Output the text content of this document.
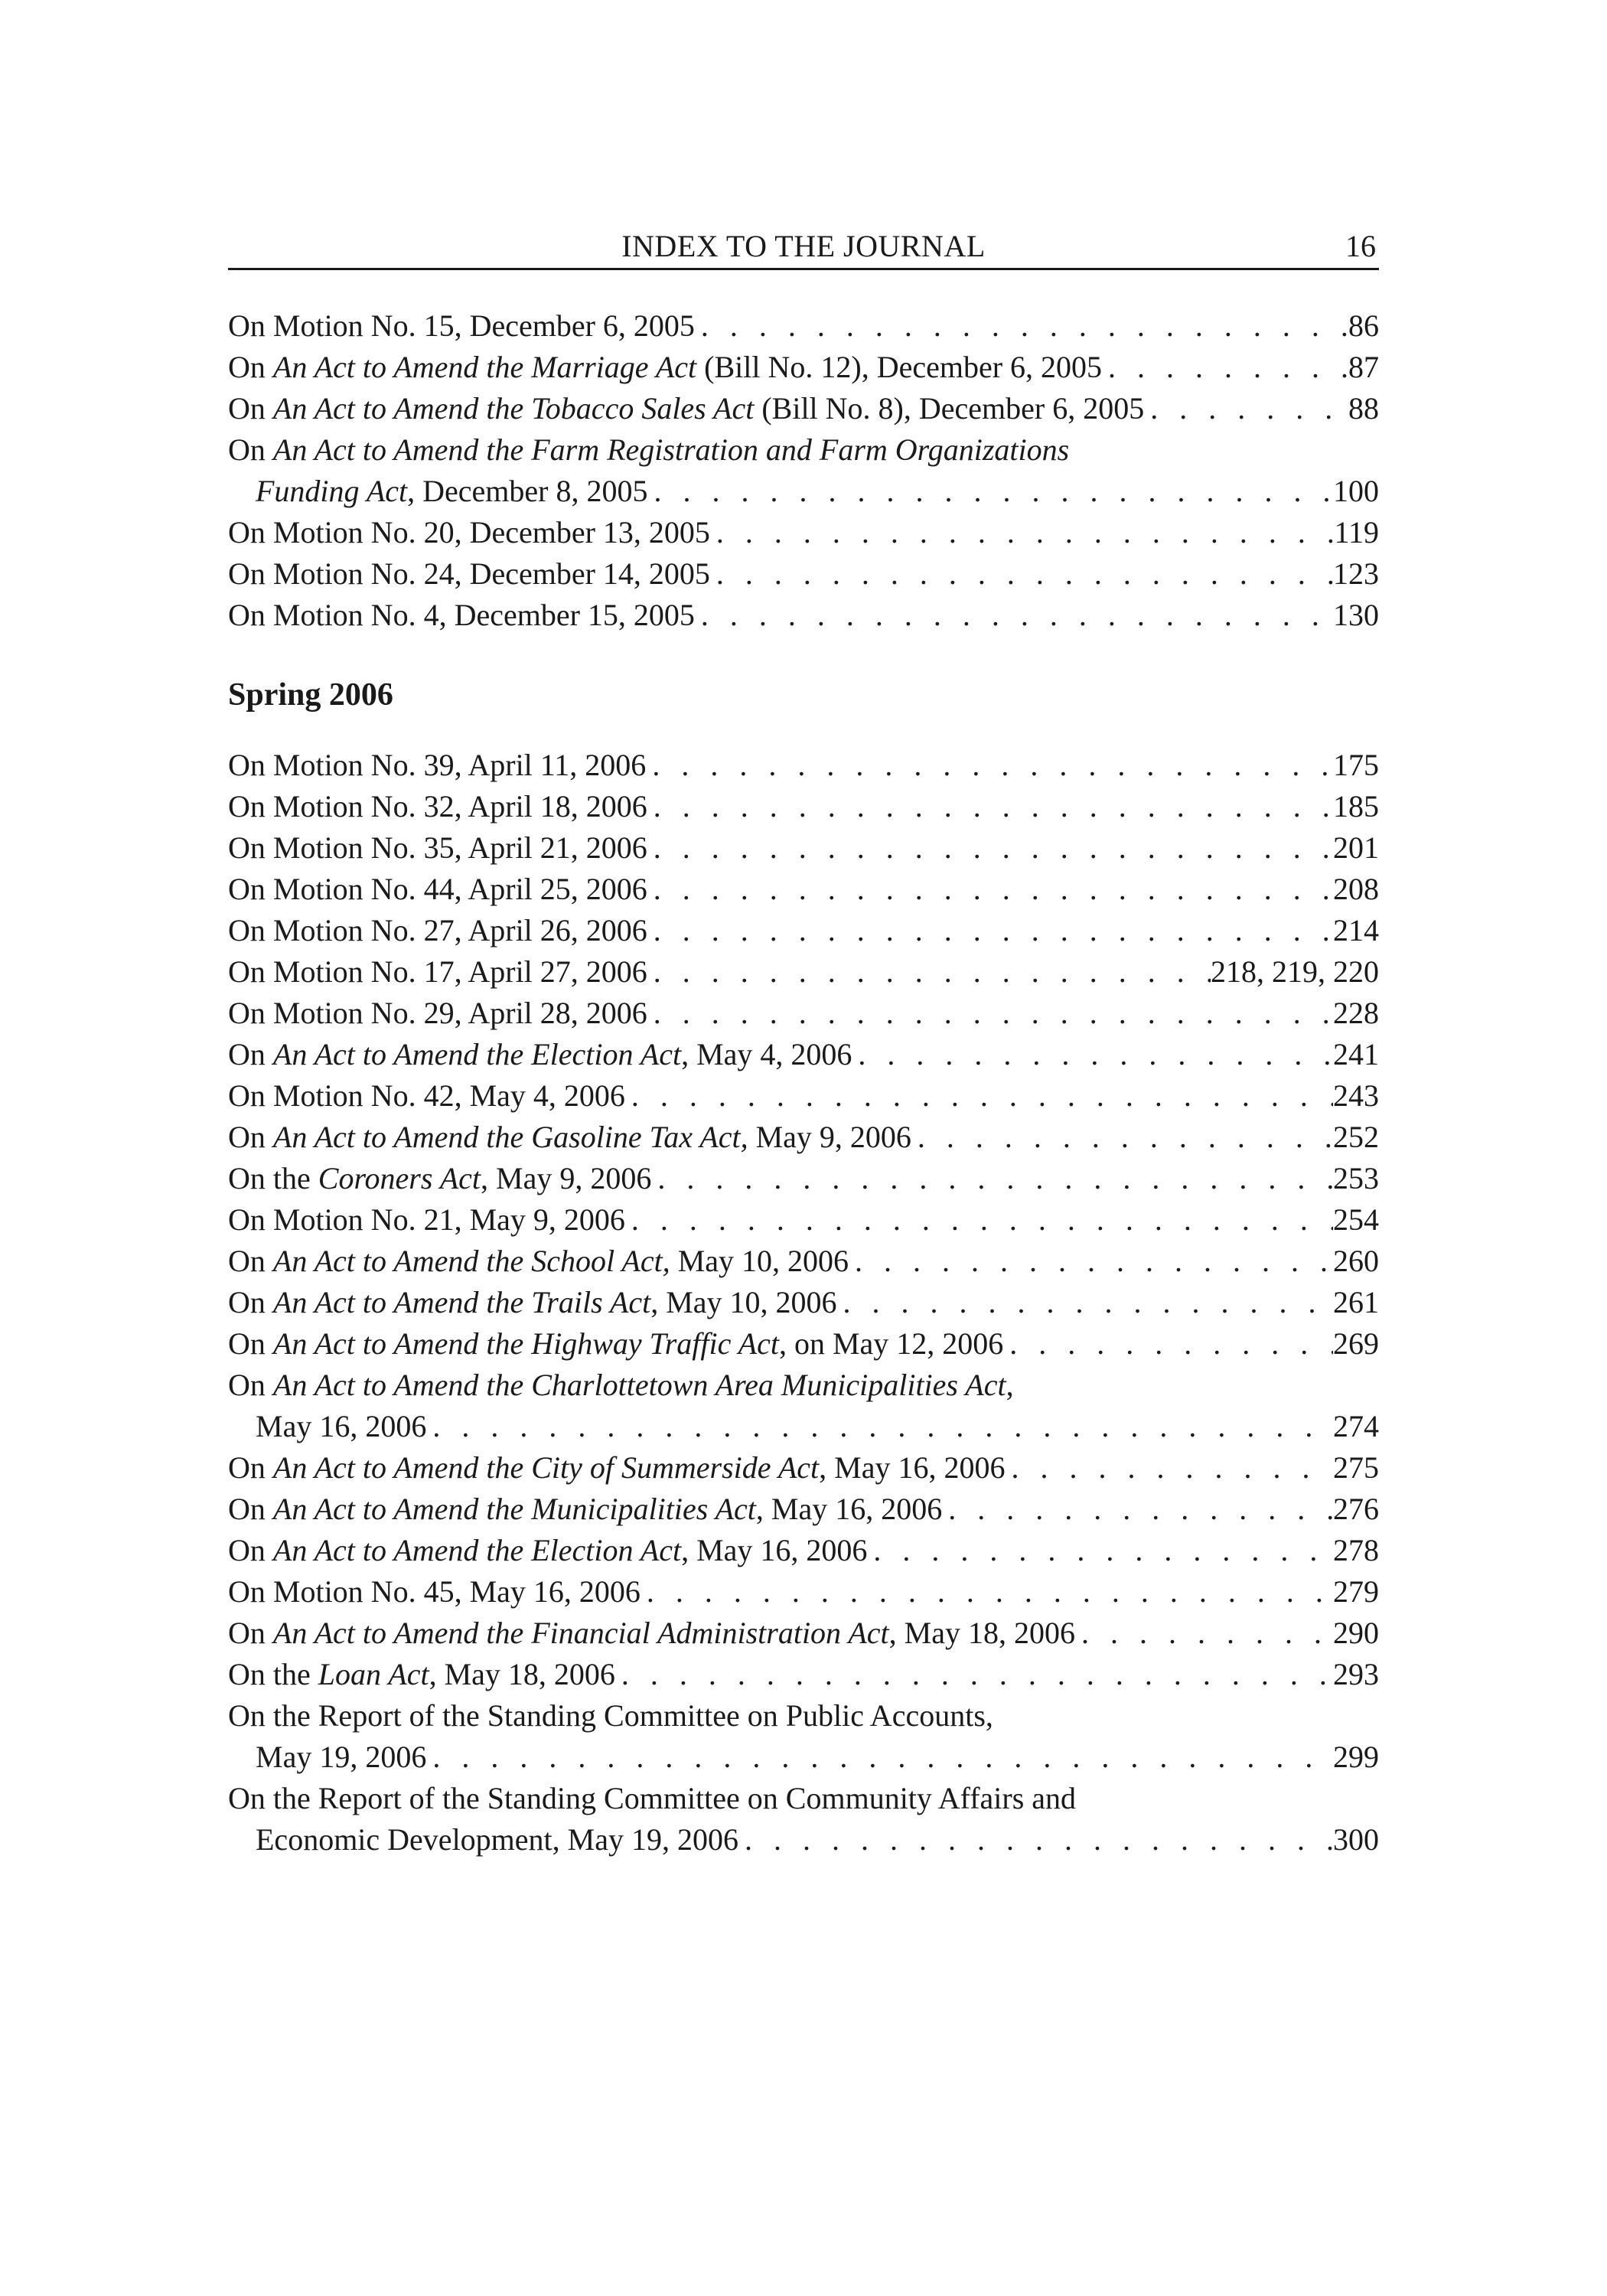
INDEX TO THE JOURNAL	16
On Motion No. 15, December 6, 2005 . . .	86
On An Act to Amend the Marriage Act (Bill No. 12), December 6, 2005 . . .	87
On An Act to Amend the Tobacco Sales Act (Bill No. 8), December 6, 2005 . . .	88
On An Act to Amend the Farm Registration and Farm Organizations
Funding Act, December 8, 2005 . . .	100
On Motion No. 20, December 13, 2005 . . .	119
On Motion No. 24, December 14, 2005 . . .	123
On Motion No. 4, December 15, 2005 . . .	130
Spring 2006
On Motion No. 39, April 11, 2006 . . .	175
On Motion No. 32, April 18, 2006 . . .	185
On Motion No. 35, April 21, 2006 . . .	201
On Motion No. 44, April 25, 2006 . . .	208
On Motion No. 27, April 26, 2006 . . .	214
On Motion No. 17, April 27, 2006 . . .	218, 219, 220
On Motion No. 29, April 28, 2006 . . .	228
On An Act to Amend the Election Act, May 4, 2006 . . .	241
On Motion No. 42, May 4, 2006 . . .	243
On An Act to Amend the Gasoline Tax Act, May 9, 2006 . . .	252
On the Coroners Act, May 9, 2006 . . .	253
On Motion No. 21, May 9, 2006 . . .	254
On An Act to Amend the School Act, May 10, 2006 . . .	260
On An Act to Amend the Trails Act, May 10, 2006 . . .	261
On An Act to Amend the Highway Traffic Act, on May 12, 2006 . . .	269
On An Act to Amend the Charlottetown Area Municipalities Act,
May 16, 2006 . . .	274
On An Act to Amend the City of Summerside Act, May 16, 2006 . . .	275
On An Act to Amend the Municipalities Act, May 16, 2006 . . .	276
On An Act to Amend the Election Act, May 16, 2006 . . .	278
On Motion No. 45, May 16, 2006 . . .	279
On An Act to Amend the Financial Administration Act, May 18, 2006 . . .	290
On the Loan Act, May 18, 2006 . . .	293
On the Report of the Standing Committee on Public Accounts,
May 19, 2006 . . .	299
On the Report of the Standing Committee on Community Affairs and
Economic Development, May 19, 2006 . . .	300
